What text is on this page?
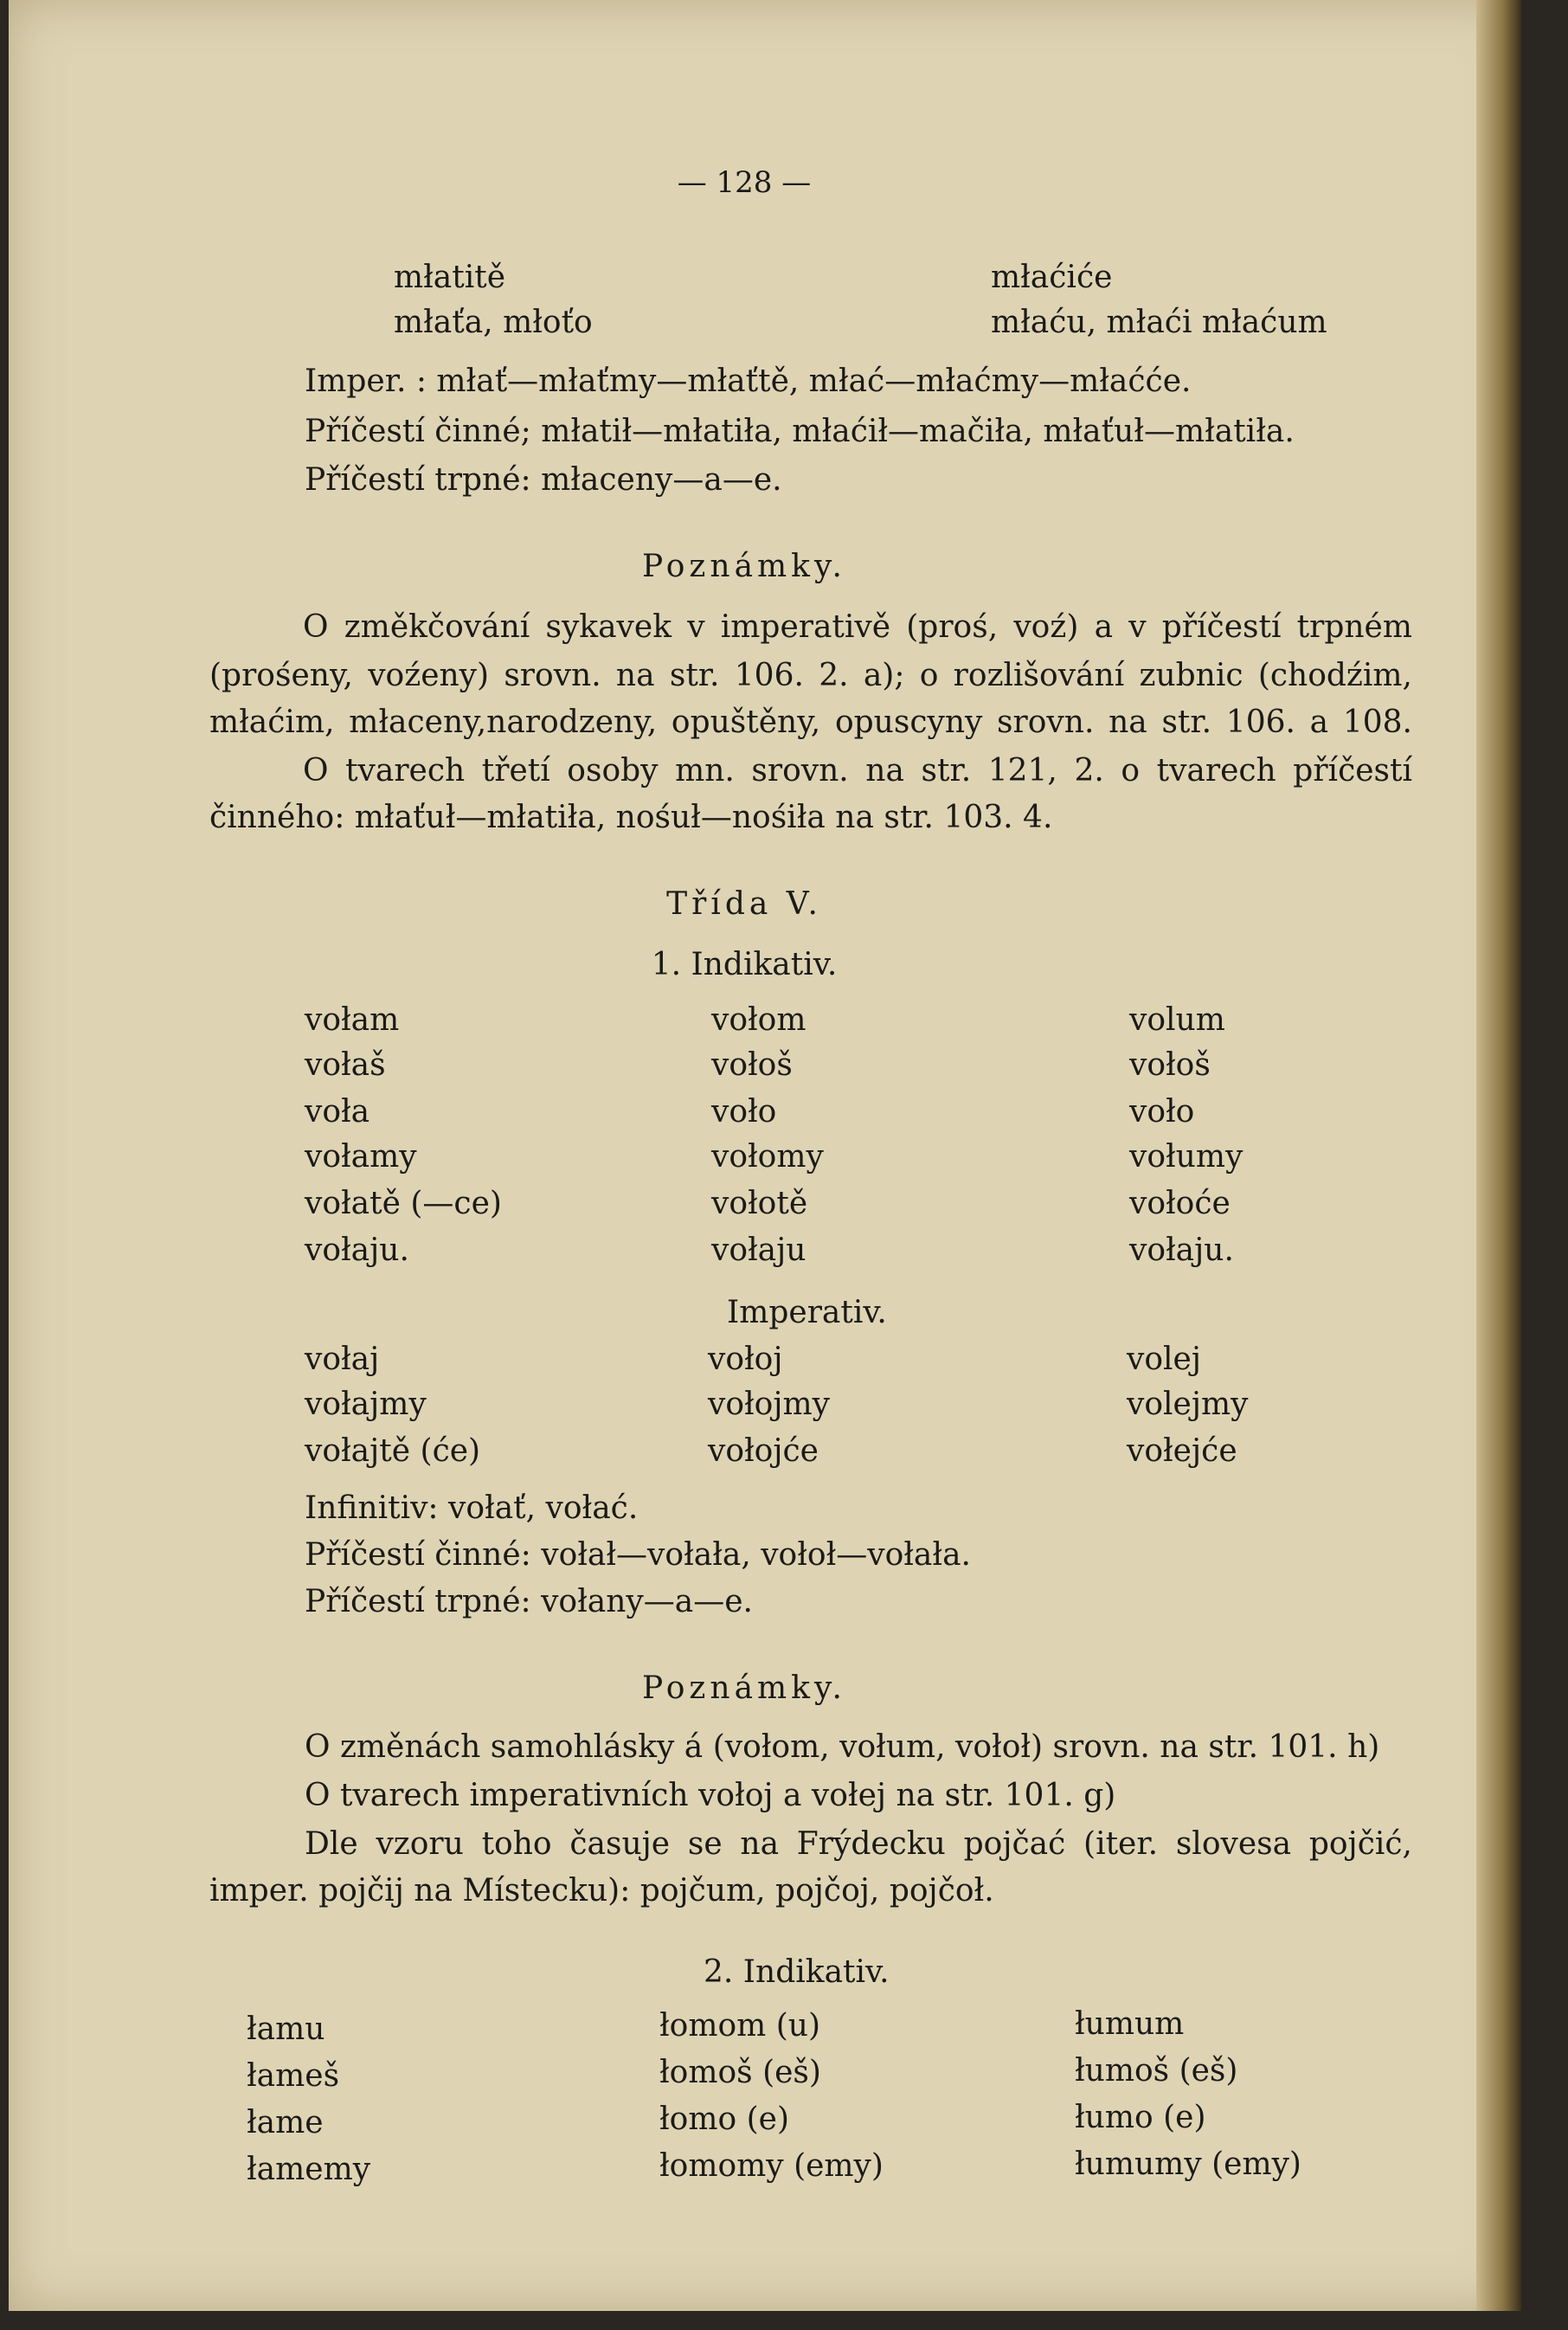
— 128 —
młatitě	młaćiće
młaťa, młoťo	młaću, młaći młaćum
Imper. : młať—młaťmy—młaťtě, młać—młaćmy—młaćće.
Příčestí činné; młatił—młatiła, młaćił—mačiła, młaťuł—młatiła.
Příčestí trpné: młaceny—a—e.
Poznámky.
O změkčování sykavek v imperativě (proś, voź) a v příčestí trpném
(prośeny, voźeny) srovn. na str. 106. 2. a); o rozlišování zubnic (chodźim,
młaćim, młaceny,narodzeny, opuštěny, opuscyny srovn. na str. 106. a 108.
O tvarech třetí osoby mn. srovn. na str. 121, 2. o tvarech příčestí
činného: młaťuł—młatiła, nośuł—nośiła na str. 103. 4.
Třída V.
1. Indikativ.
vołam	vołom	volum
vołaš	vołoš	vołoš
voła	voło	voło
vołamy	vołomy	vołumy
vołatě (—ce)	vołotě	vołoće
vołaju.	vołaju	vołaju.
Imperativ.
vołaj	vołoj	volej
vołajmy	vołojmy	volejmy
vołajtě (će)	vołojće	vołejće
Infinitiv: vołať, vołać.
Příčestí činné: vołał—vołała, vołoł—vołała.
Příčestí trpné: vołany—a—e.
Poznámky.
O změnách samohlásky á (vołom, vołum, vołoł) srovn. na str. 101. h)
O tvarech imperativních vołoj a vołej na str. 101. g)
Dle vzoru toho časuje se na Frýdecku pojčać (iter. slovesa pojčić,
imper. pojčij na Místecku): pojčum, pojčoj, pojčoł.
2. Indikativ.
łamu	łomom (u)	łumum
łameš	łomoš (eš)	łumoš (eš)
łame	łomo (e)	łumo (e)
łamemy	łomomy (emy)	łumumy (emy)
